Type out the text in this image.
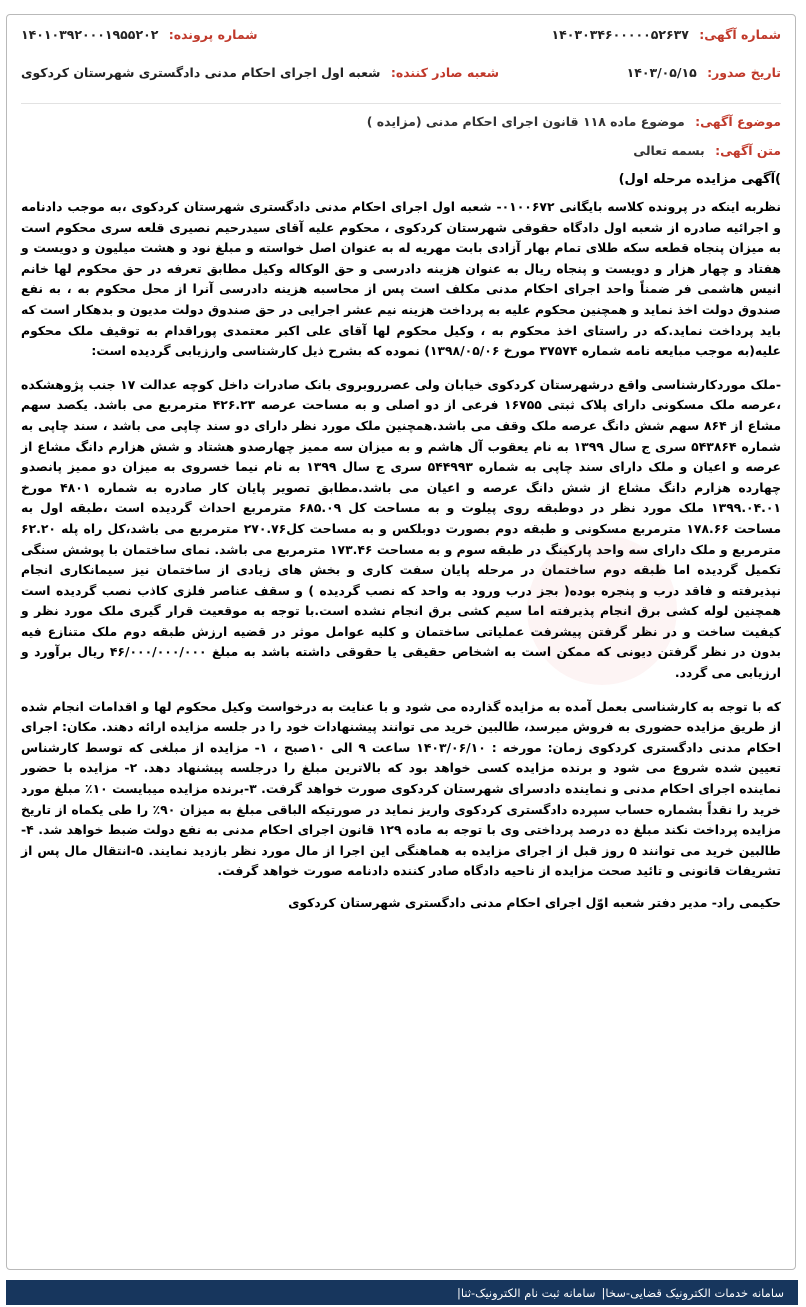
شماره آگهی: ۱۴۰۳۰۳۴۶۰۰۰۰۰۵۲۶۳۷
شماره پرونده: ۱۴۰۱۰۳۹۲۰۰۰۱۹۵۵۲۰۲
تاریخ صدور: ۱۴۰۳/۰۵/۱۵
شعبه صادر کننده: شعبه اول اجرای احکام مدنی دادگستری شهرستان کردکوی
موضوع آگهی: موضوع ماده ۱۱۸ قانون اجرای احکام مدنی (مزایده )
متن آگهی: بسمه تعالی
)آگهی مزایده مرحله اول)

نظربه اینکه در پرونده کلاسه بایگانی ۰۱۰۰۶۷۲- شعبه اول اجرای احکام مدنی دادگستری شهرستان کردکوی ،به موجب دادنامه و اجرائیه صادره از شعبه اول دادگاه حقوقی شهرستان کردکوی ، محکوم علیه آقای سیدرحیم نصیری قلعه سری محکوم است به میزان پنجاه قطعه سکه طلای تمام بهار آزادی بابت مهریه له به عنوان اصل خواسته و مبلغ نود و هشت میلیون و دویست و هفتاد و چهار هزار و دویست و پنجاه ریال به عنوان هزینه دادرسی و حق الوکاله وکیل مطابق تعرفه در حق محکوم لها خانم انیس هاشمی فر ضمناً واحد اجرای احکام مدنی مکلف است پس از محاسبه هزینه دادرسی آنرا از محل محکوم به ، به نفع صندوق دولت اخذ نماید و همچنین محکوم علیه به پرداخت هزینه نیم عشر اجرایی در حق صندوق دولت مدیون و بدهکار است که باید پرداخت نماید.که در راستای اخذ محکوم به ، وکیل محکوم لها آقای علی اکبر معتمدی پوراقدام به توقیف ملک محکوم علیه(به موجب مبایعه نامه شماره ۳۷۵۷۴ مورخ ۱۳۹۸/۰۵/۰۶) نموده که بشرح ذیل کارشناسی وارزیابی گردیده است:

-ملک موردکارشناسی واقع درشهرستان کردکوی خیابان ولی عصرروبروی بانک صادرات داخل کوچه عدالت ۱۷ جنب پژوهشکده ،عرصه ملک مسکونی دارای پلاک ثبتی ۱۶۷۵۵ فرعی از دو اصلی و به مساحت عرصه ۴۲۶.۲۳ مترمربع می باشد. یکصد سهم مشاع از ۸۶۴ سهم شش دانگ عرصه ملک وقف می باشد.همچنین ملک مورد نظر دارای دو سند چاپی می باشد ، سند چاپی به شماره ۵۴۳۸۶۴ سری ج سال ۱۳۹۹ به نام یعقوب آل هاشم و به میزان سه ممیز چهارصدو هشتاد و شش هزارم دانگ مشاع از عرصه و اعیان و ملک دارای سند چاپی به شماره ۵۴۴۹۹۳ سری ج سال ۱۳۹۹ به نام نیما خسروی به میزان دو ممیز پانصدو چهارده هزارم دانگ مشاع از شش دانگ عرصه و اعیان می باشد.مطابق تصویر پایان کار صادره به شماره ۴۸۰۱ مورخ ۱۳۹۹.۰۴.۰۱ ملک مورد نظر در دوطبقه روی پیلوت و به مساحت کل ۶۸۵.۰۹ مترمربع احداث گردیده است ،طبقه اول به مساحت ۱۷۸.۶۶ مترمربع مسکونی و طبقه دوم بصورت دوبلکس و به مساحت کل۲۷۰.۷۶ مترمربع می باشد،کل راه پله ۶۲.۲۰ مترمربع و ملک دارای سه واحد پارکینگ در طبقه سوم و به مساحت ۱۷۳.۴۶ مترمربع می باشد. نمای ساختمان با پوشش سنگی تکمیل گردیده اما طبقه دوم ساختمان در مرحله پایان سفت کاری و بخش های زیادی از ساختمان نیز سیمانکاری انجام نپذیرفته و فاقد درب و پنجره بوده( بجز درب ورود به واحد که نصب گردیده ) و سقف عناصر فلزی کاذب نصب گردیده است همچنین لوله کشی برق انجام پذیرفته اما سیم کشی برق انجام نشده است.با توجه به موقعیت قرار گیری ملک مورد نظر و کیفیت ساخت و در نظر گرفتن پیشرفت عملیاتی ساختمان و کلیه عوامل موثر در قضیه ارزش طبقه دوم ملک متنازع فیه بدون در نظر گرفتن دیونی که ممکن است به اشخاص حقیقی یا حقوقی داشته باشد به مبلغ ۴۶/۰۰۰/۰۰۰/۰۰۰ ریال برآورد و ارزیابی می گردد.

که با توجه به کارشناسی بعمل آمده به مزایده گذارده می شود و با عنایت به درخواست وکیل محکوم لها و اقدامات انجام شده از طریق مزایده حضوری به فروش میرسد، طالبین خرید می توانند پیشنهادات خود را در جلسه مزایده ارائه دهند. مکان: اجرای احکام مدنی دادگستری کردکوی زمان: مورخه : ۱۴۰۳/۰۶/۱۰ ساعت ۹ الی ۱۰صبح ، ۱- مزایده از مبلغی که توسط کارشناس تعیین شده شروع می شود و برنده مزایده کسی خواهد بود که بالاترین مبلغ را درجلسه پیشنهاد دهد. ۲- مزایده با حضور نماینده اجرای احکام مدنی و نماینده دادسرای شهرستان کردکوی صورت خواهد گرفت. ۳-برنده مزایده میبایست ۱۰٪ مبلغ مورد خرید را نقداً بشماره حساب سپرده دادگستری کردکوی واریز نماید در صورتیکه الباقی مبلغ به میزان ۹۰٪ را طی یکماه از تاریخ مزایده پرداخت نکند مبلغ ده درصد پرداختی وی با توجه به ماده ۱۲۹ قانون اجرای احکام مدنی به نفع دولت ضبط خواهد شد. ۴- طالبین خرید می توانند ۵ روز قبل از اجرای مزایده به هماهنگی این اجرا از مال مورد نظر بازدید نمایند. ۵-انتقال مال پس از تشریفات قانونی و تائید صحت مزایده از ناحیه دادگاه صادر کننده دادنامه صورت خواهد گرفت.

حکیمی راد- مدیر دفتر شعبه اوّل اجرای احکام مدنی دادگستری شهرستان کردکوی
سامانه خدمات الکترونیک قضایی-سخا
|
سامانه ثبت نام الکترونیک-ثنا
|
